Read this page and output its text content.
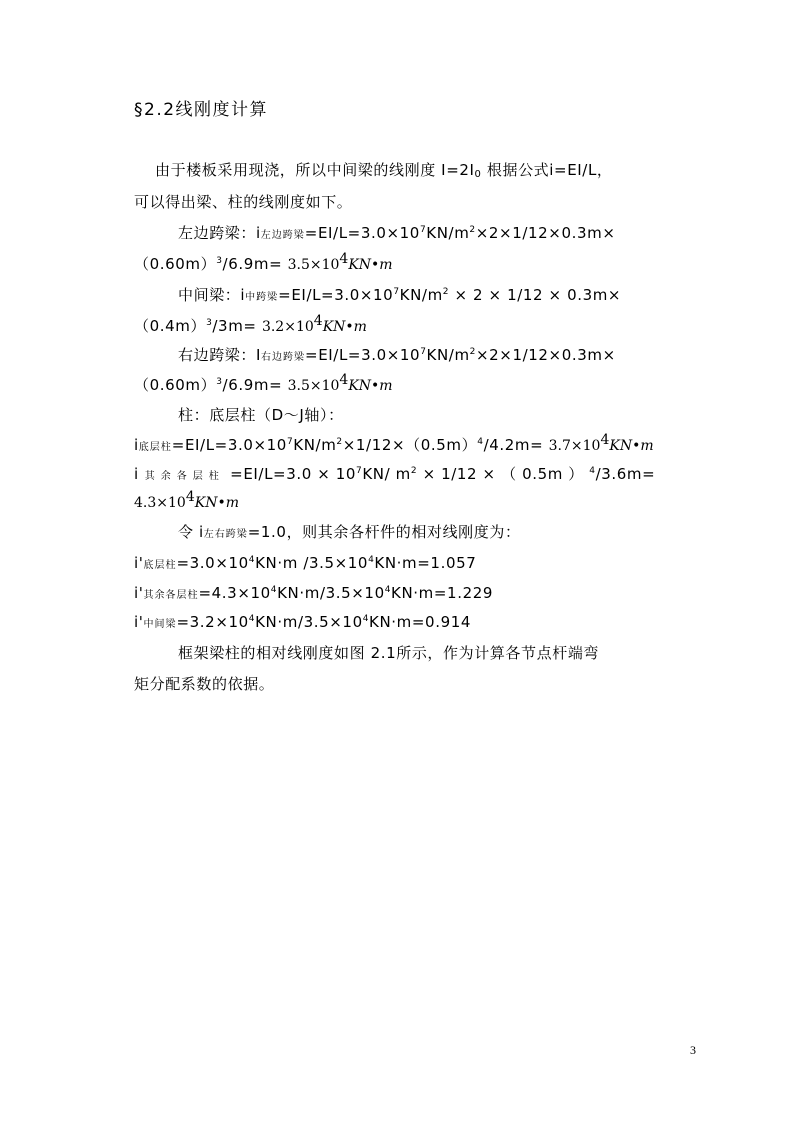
§2.2线刚度计算
由于楼板采用现浇，所以中间梁的线刚度 $I=2I_0$ 根据公式i=EI/L，
可以得出梁、柱的线刚度如下。
左边跨梁：i左边跨梁$=EI/L=3.0\times 10^7KN/m^2\times 2\times 1/12\times 0.3m\times$
$(0.60m)^3/6.9m=$ $3.5\times 10^4KN•m$
中间梁：i中跨梁$=EI/L=3.0\times 10^7KN/m^2 \times 2 \times 1/12 \times 0.3m\times$
$(0.4m)^3/3m=$ $3.2\times 10^4KN•m$
右边跨梁：I右边跨梁$=EI/L=3.0\times 10^7KN/m^2\times 2\times 1/12\times 0.3m\times$
$(0.60m)^3/6.9m=$ $3.5\times 10^4KN•m$
柱：底层柱（D～J轴）：
i底层柱$=EI/L=3.0\times 10^7KN/m^2\times 1/12\times(0.5m)^4/4.2m=$ $3.7\times 10^4KN•m$
i其余各层柱 $=EI/L=3.0 \times 10^7KN/$ $m^2 \times 1/12$ × （ 0.5m ） $^4$/3.6m=
$4.3\times 10^4KN•m$
令 i左右跨梁=1.0，则其余各杆件的相对线刚度为：
i'底层柱$=3.0\times 10^4KN\cdot m$ $/3.5\times 10^4KN\cdot m=1.057$
i'其余各层柱$=4.3\times 10^4KN\cdot m/3.5\times 10^4KN\cdot m=1.229$
i'中间梁$=3.2\times 10^4KN\cdot m/3.5\times 10^4KN\cdot m=0.914$
框架梁柱的相对线刚度如图 2.1所示，作为计算各节点杆端弯
矩分配系数的依据。
3
